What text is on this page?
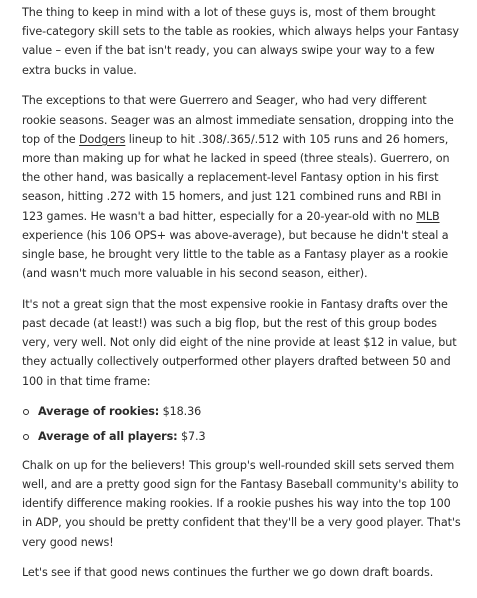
The thing to keep in mind with a lot of these guys is, most of them brought five-category skill sets to the table as rookies, which always helps your Fantasy value – even if the bat isn't ready, you can always swipe your way to a few extra bucks in value.

The exceptions to that were Guerrero and Seager, who had very different rookie seasons. Seager was an almost immediate sensation, dropping into the top of the Dodgers lineup to hit .308/.365/.512 with 105 runs and 26 homers, more than making up for what he lacked in speed (three steals). Guerrero, on the other hand, was basically a replacement-level Fantasy option in his first season, hitting .272 with 15 homers, and just 121 combined runs and RBI in 123 games. He wasn't a bad hitter, especially for a 20-year-old with no MLB experience (his 106 OPS+ was above-average), but because he didn't steal a single base, he brought very little to the table as a Fantasy player as a rookie (and wasn't much more valuable in his second season, either).

It's not a great sign that the most expensive rookie in Fantasy drafts over the past decade (at least!) was such a big flop, but the rest of this group bodes very, very well. Not only did eight of the nine provide at least $12 in value, but they actually collectively outperformed other players drafted between 50 and 100 in that time frame:

Average of rookies: $18.36
Average of all players: $7.3

Chalk on up for the believers! This group's well-rounded skill sets served them well, and are a pretty good sign for the Fantasy Baseball community's ability to identify difference making rookies. If a rookie pushes his way into the top 100 in ADP, you should be pretty confident that they'll be a very good player. That's very good news!

Let's see if that good news continues the further we go down draft boards.
